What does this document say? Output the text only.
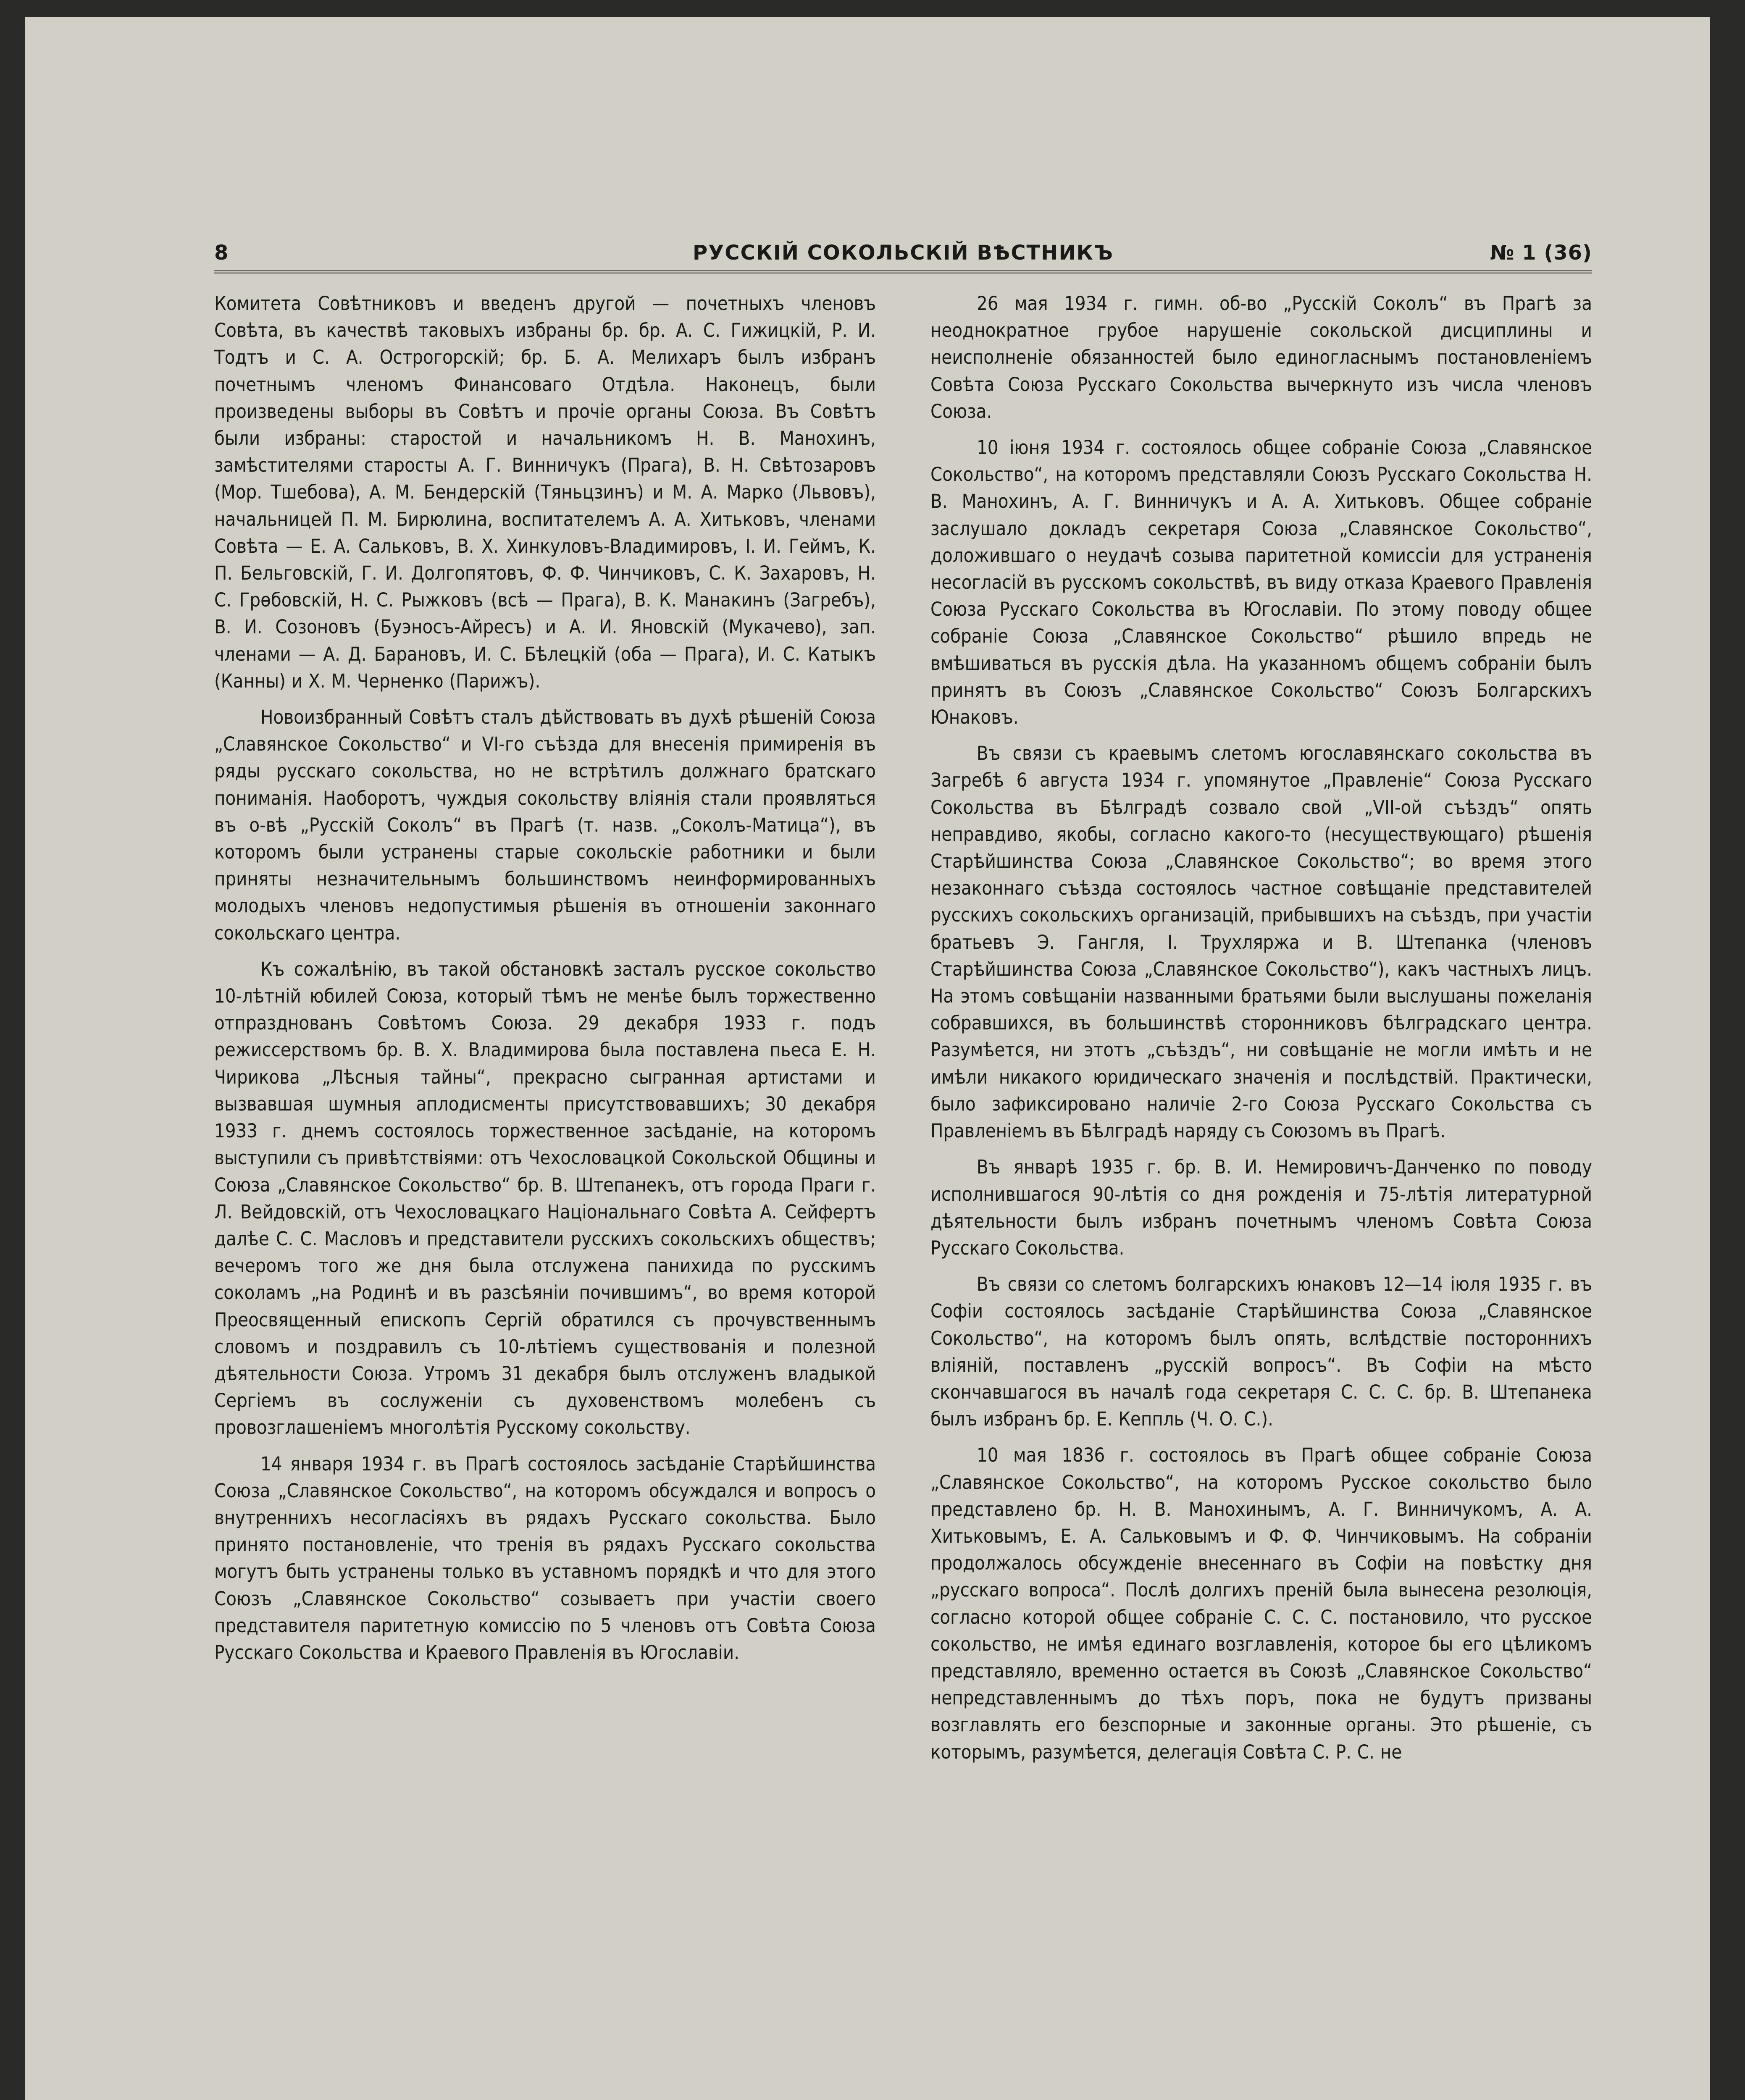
8	РУССКIЙ СОКОЛЬСКIЙ ВѢСТНИКЪ	№ 1 (36)

Комитета Совѣтниковъ и введенъ другой — почетныхъ членовъ Совѣта, въ качествѣ таковыхъ избраны бр. бр. А. С. Гижицкій, Р. И. Тодтъ и С. А. Острогорскій; бр. Б. А. Мелихаръ былъ избранъ почетнымъ членомъ Финансоваго Отдѣла. Наконецъ, были произведены выборы въ Совѣтъ и прочіе органы Союза. Въ Совѣтъ были избраны: старостой и начальникомъ Н. В. Манохинъ, замѣстителями старосты А. Г. Винничукъ (Прага), В. Н. Свѣтозаровъ (Мор. Тшебова), А. М. Бендерскій (Тяньцзинъ) и М. А. Марко (Львовъ), начальницей П. М. Бирюлина, воспитателемъ А. А. Хитьковъ, членами Совѣта — Е. А. Сальковъ, В. Х. Хинкуловъ-Владимировъ, І. И. Геймъ, К. П. Бельговскій, Г. И. Долгопятовъ, Ф. Ф. Чинчиковъ, С. К. Захаровъ, Н. С. Грѳбовскій, Н. С. Рыжковъ (всѣ — Прага), В. К. Манакинъ (Загребъ), В. И. Созоновъ (Буэносъ-Айресъ) и А. И. Яновскій (Мукачево), зап. членами — А. Д. Барановъ, И. С. Бѣлецкій (оба — Прага), И. С. Катыкъ (Канны) и Х. М. Черненко (Парижъ).

Новоизбранный Совѣтъ сталъ дѣйствовать въ духѣ рѣшеній Союза „Славянское Сокольство“ и VI-го съѣзда для внесенія примиренія въ ряды русскаго сокольства, но не встрѣтилъ должнаго братскаго пониманія. Наоборотъ, чуждыя сокольству вліянія стали проявляться въ о-вѣ „Русскій Соколъ“ въ Прагѣ (т. назв. „Соколъ-Матица“), въ которомъ были устранены старые сокольскіе работники и были приняты незначительнымъ большинствомъ неинформированныхъ молодыхъ членовъ недопустимыя рѣшенія въ отношеніи законнаго сокольскаго центра.

Къ сожалѣнію, въ такой обстановкѣ засталъ русское сокольство 10-лѣтній юбилей Союза, который тѣмъ не менѣе былъ торжественно отпразднованъ Совѣтомъ Союза. 29 декабря 1933 г. подъ режиссерствомъ бр. В. Х. Владимирова была поставлена пьеса Е. Н. Чирикова „Лѣсныя тайны“, прекрасно сыгранная артистами и вызвавшая шумныя аплодисменты присутствовавшихъ; 30 декабря 1933 г. днемъ состоялось торжественное засѣданіе, на которомъ выступили съ привѣтствіями: отъ Чехословацкой Сокольской Общины и Союза „Славянское Сокольство“ бр. В. Штепанекъ, отъ города Праги г. Л. Вейдовскій, отъ Чехословацкаго Національнаго Совѣта А. Сейфертъ далѣе С. С. Масловъ и представители русскихъ сокольскихъ обществъ; вечеромъ того же дня была отслужена панихида по русскимъ соколамъ „на Родинѣ и въ разсѣяніи почившимъ“, во время которой Преосвященный епископъ Сергій обратился съ прочувственнымъ словомъ и поздравилъ съ 10-лѣтіемъ существованія и полезной дѣятельности Союза. Утромъ 31 декабря былъ отслуженъ владыкой Сергіемъ въ сослуженіи съ духовенствомъ молебенъ съ провозглашеніемъ многолѣтія Русскому сокольству.

14 января 1934 г. въ Прагѣ состоялось засѣданіе Старѣйшинства Союза „Славянское Сокольство“, на которомъ обсуждался и вопросъ о внутреннихъ несогласіяхъ въ рядахъ Русскаго сокольства. Было принято постановленіе, что тренія въ рядахъ Русскаго сокольства могутъ быть устранены только въ уставномъ порядкѣ и что для этого Союзъ „Славянское Сокольство“ созываетъ при участіи своего представителя паритетную комиссію по 5 членовъ отъ Совѣта Союза Русскаго Сокольства и Краевого Правленія въ Югославіи.

26 мая 1934 г. гимн. об-во „Русскій Соколъ“ въ Прагѣ за неоднократное грубое нарушеніе сокольской дисциплины и неисполненіе обязанностей было единогласнымъ постановленіемъ Совѣта Союза Русскаго Сокольства вычеркнуто изъ числа членовъ Союза.

10 іюня 1934 г. состоялось общее собраніе Союза „Славянское Сокольство“, на которомъ представляли Союзъ Русскаго Сокольства Н. В. Манохинъ, А. Г. Винничукъ и А. А. Хитьковъ. Общее собраніе заслушало докладъ секретаря Союза „Славянское Сокольство“, доложившаго о неудачѣ созыва паритетной комиссіи для устраненія несогласій въ русскомъ сокольствѣ, въ виду отказа Краевого Правленія Союза Русскаго Сокольства въ Югославіи. По этому поводу общее собраніе Союза „Славянское Сокольство“ рѣшило впредь не вмѣшиваться въ русскія дѣла. На указанномъ общемъ собраніи былъ принятъ въ Союзъ „Славянское Сокольство“ Союзъ Болгарскихъ Юнаковъ.

Въ связи съ краевымъ слетомъ югославянскаго сокольства въ Загребѣ 6 августа 1934 г. упомянутое „Правленіе“ Союза Русскаго Сокольства въ Бѣлградѣ созвало свой „VII-ой съѣздъ“ опять неправдиво, якобы, согласно какого-то (несуществующаго) рѣшенія Старѣйшинства Союза „Славянское Сокольство“; во время этого незаконнаго съѣзда состоялось частное совѣщаніе представителей русскихъ сокольскихъ организацій, прибывшихъ на съѣздъ, при участіи братьевъ Э. Гангля, І. Трухляржа и В. Штепанка (членовъ Старѣйшинства Союза „Славянское Сокольство“), какъ частныхъ лицъ. На этомъ совѣщаніи названными братьями были выслушаны пожеланія собравшихся, въ большинствѣ сторонниковъ бѣлградскаго центра. Разумѣется, ни этотъ „съѣздъ“, ни совѣщаніе не могли имѣть и не имѣли никакого юридическаго значенія и послѣдствій. Практически, было зафиксировано наличіе 2-го Союза Русскаго Сокольства съ Правленіемъ въ Бѣлградѣ наряду съ Союзомъ въ Прагѣ.

Въ январѣ 1935 г. бр. В. И. Немировичъ-Данченко по поводу исполнившагося 90-лѣтія со дня рожденія и 75-лѣтія литературной дѣятельности былъ избранъ почетнымъ членомъ Совѣта Союза Русскаго Сокольства.

Въ связи со слетомъ болгарскихъ юнаковъ 12—14 іюля 1935 г. въ Софіи состоялось засѣданіе Старѣйшинства Союза „Славянское Сокольство“, на которомъ былъ опять, вслѣдствіе постороннихъ вліяній, поставленъ „русскій вопросъ“. Въ Софіи на мѣсто скончавшагося въ началѣ года секретаря С. С. С. бр. В. Штепанека былъ избранъ бр. Е. Кеппль (Ч. О. С.).

10 мая 1836 г. состоялось въ Прагѣ общее собраніе Союза „Славянское Сокольство“, на которомъ Русское сокольство было представлено бр. Н. В. Манохинымъ, А. Г. Винничукомъ, А. А. Хитьковымъ, Е. А. Сальковымъ и Ф. Ф. Чинчиковымъ. На собраніи продолжалось обсужденіе внесеннаго въ Софіи на повѣстку дня „русскаго вопроса“. Послѣ долгихъ преній была вынесена резолюція, согласно которой общее собраніе С. С. С. постановило, что русское сокольство, не имѣя единаго возглавленія, которое бы его цѣликомъ представляло, временно остается въ Союзѣ „Славянское Сокольство“ непредставленнымъ до тѣхъ поръ, пока не будутъ призваны возглавлять его безспорные и законные органы. Это рѣшеніе, съ которымъ, разумѣется, делегація Совѣта С. Р. С. не
